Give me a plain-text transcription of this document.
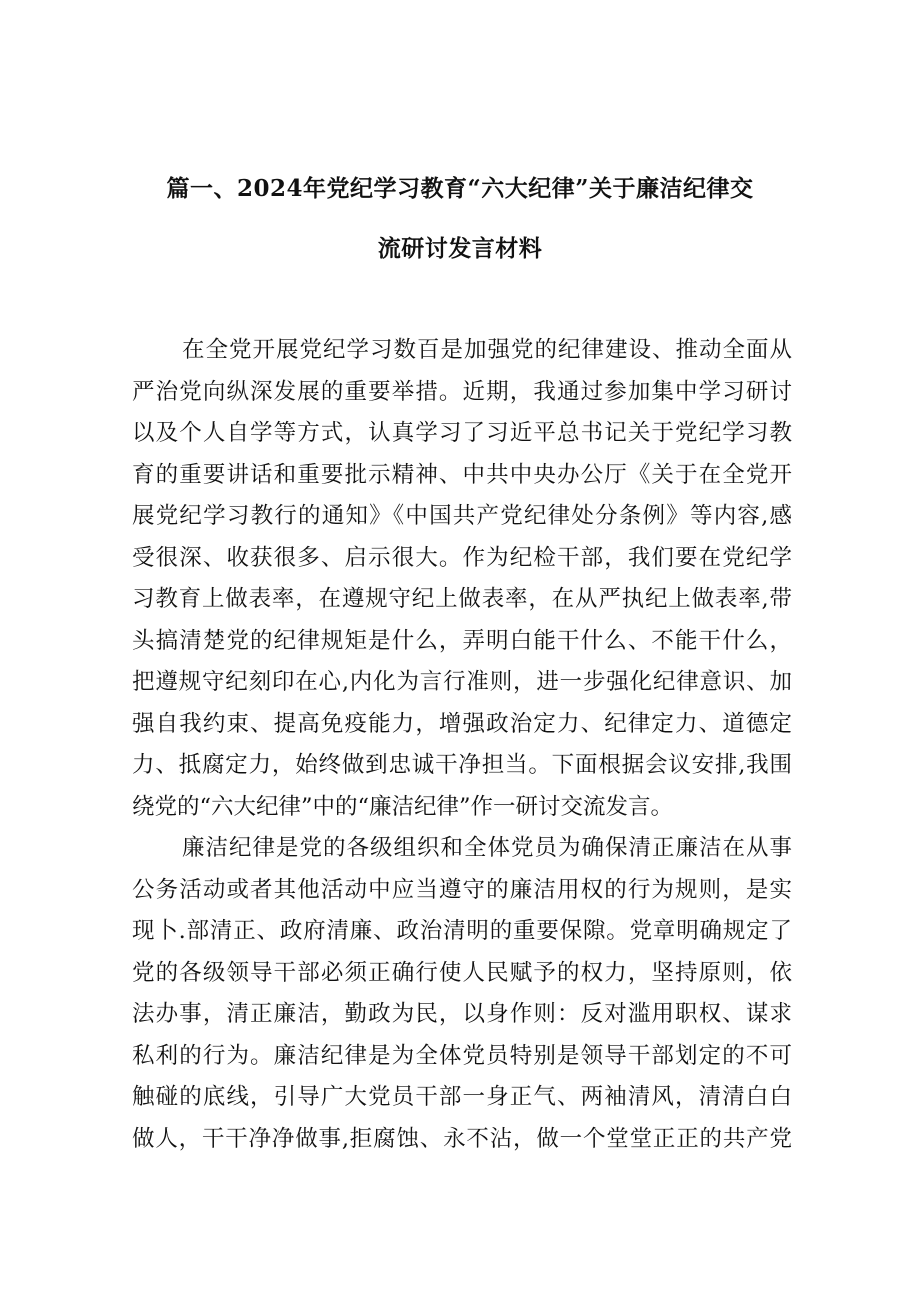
篇一、2024年党纪学习教育“六大纪律”关于廉洁纪律交
流研讨发言材料
在全党开展党纪学习数百是加强党的纪律建设、推动全面从
严治党向纵深发展的重要举措。近期，我通过参加集中学习研讨
以及个人自学等方式，认真学习了习近平总书记关于党纪学习教
育的重要讲话和重要批示精神、中共中央办公厅《关于在全党开
展党纪学习教行的通知》《中国共产党纪律处分条例》等内容,感
受很深、收获很多、启示很大。作为纪检干部，我们要在党纪学
习教育上做表率，在遵规守纪上做表率，在从严执纪上做表率,带
头搞清楚党的纪律规矩是什么，弄明白能干什么、不能干什么，
把遵规守纪刻印在心,内化为言行准则，进一步强化纪律意识、加
强自我约束、提高免疫能力，增强政治定力、纪律定力、道德定
力、抵腐定力，始终做到忠诚干净担当。下面根据会议安排,我围
绕党的“六大纪律”中的“廉洁纪律”作一研讨交流发言。
廉洁纪律是党的各级组织和全体党员为确保清正廉洁在从事
公务活动或者其他活动中应当遵守的廉洁用权的行为规则，是实
现卜.部清正、政府清廉、政治清明的重要保隙。党章明确规定了
党的各级领导干部必须正确行使人民赋予的权力，坚持原则，依
法办事，清正廉洁，勤政为民，以身作则：反对滥用职权、谋求
私利的行为。廉洁纪律是为全体党员特别是领导干部划定的不可
触碰的底线，引导广大党员干部一身正气、两袖清风，清清白白
做人，干干净净做事,拒腐蚀、永不沾，做一个堂堂正正的共产党
